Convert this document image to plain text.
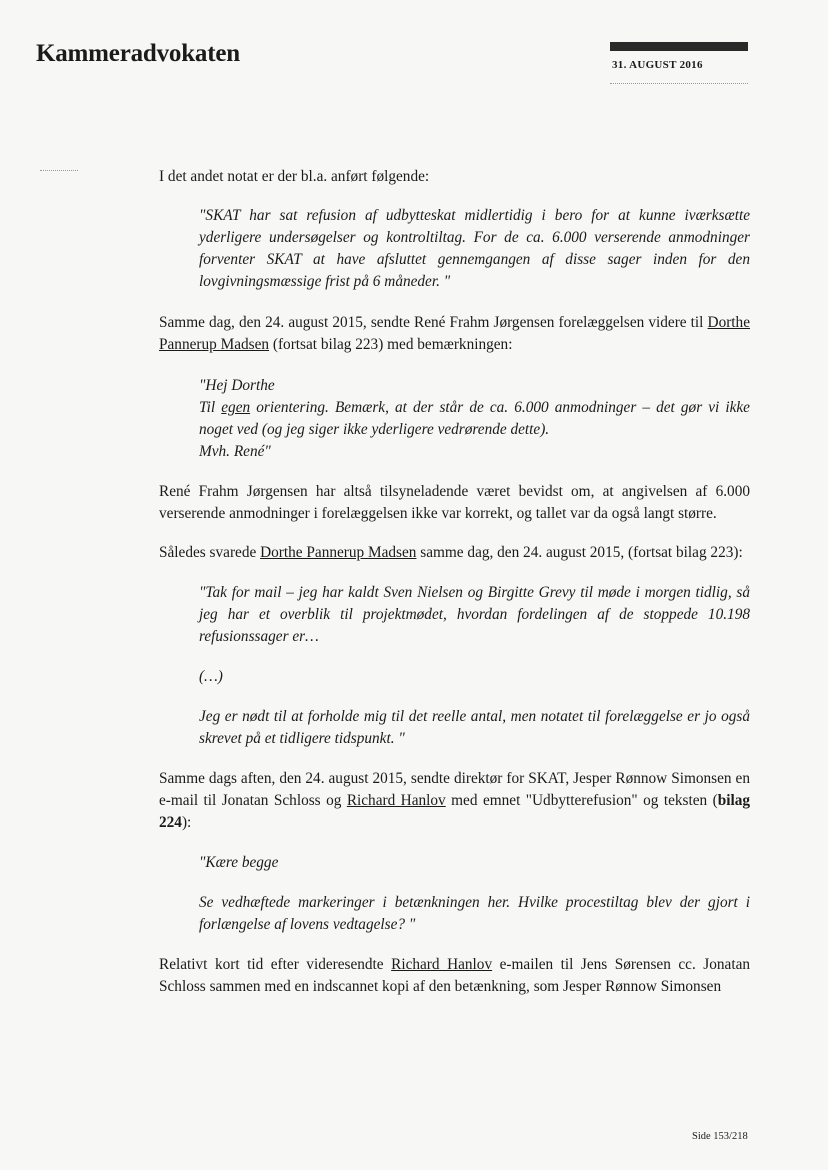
Kammeradvokaten	31. AUGUST 2016

I det andet notat er der bl.a. anført følgende:

"SKAT har sat refusion af udbytteskat midlertidig i bero for at kunne iværksætte yderligere undersøgelser og kontroltiltag. For de ca. 6.000 verserende anmodninger forventer SKAT at have afsluttet gennemgangen af disse sager inden for den lovgivningsmæssige frist på 6 måneder. "

Samme dag, den 24. august 2015, sendte René Frahm Jørgensen forelæggelsen videre til Dorthe Pannerup Madsen (fortsat bilag 223) med bemærkningen:

"Hej Dorthe
Til egen orientering. Bemærk, at der står de ca. 6.000 anmodninger – det gør vi ikke noget ved (og jeg siger ikke yderligere vedrørende dette).
Mvh. René"

René Frahm Jørgensen har altså tilsyneladende været bevidst om, at angivelsen af 6.000 verserende anmodninger i forelæggelsen ikke var korrekt, og tallet var da også langt større.

Således svarede Dorthe Pannerup Madsen samme dag, den 24. august 2015, (fortsat bilag 223):

"Tak for mail – jeg har kaldt Sven Nielsen og Birgitte Grevy til møde i morgen tidlig, så jeg har et overblik til projektmødet, hvordan fordelingen af de stoppede 10.198 refusionssager er…

(…)

Jeg er nødt til at forholde mig til det reelle antal, men notatet til forelæggelse er jo også skrevet på et tidligere tidspunkt. "

Samme dags aften, den 24. august 2015, sendte direktør for SKAT, Jesper Rønnow Simonsen en e-mail til Jonatan Schloss og Richard Hanlov med emnet "Udbytterefusion" og teksten (bilag 224):

"Kære begge

Se vedhæftede markeringer i betænkningen her. Hvilke procestiltag blev der gjort i forlængelse af lovens vedtagelse? "

Relativt kort tid efter videresendte Richard Hanlov e-mailen til Jens Sørensen cc. Jonatan Schloss sammen med en indscannet kopi af den betænkning, som Jesper Rønnow Simonsen

Side 153/218
